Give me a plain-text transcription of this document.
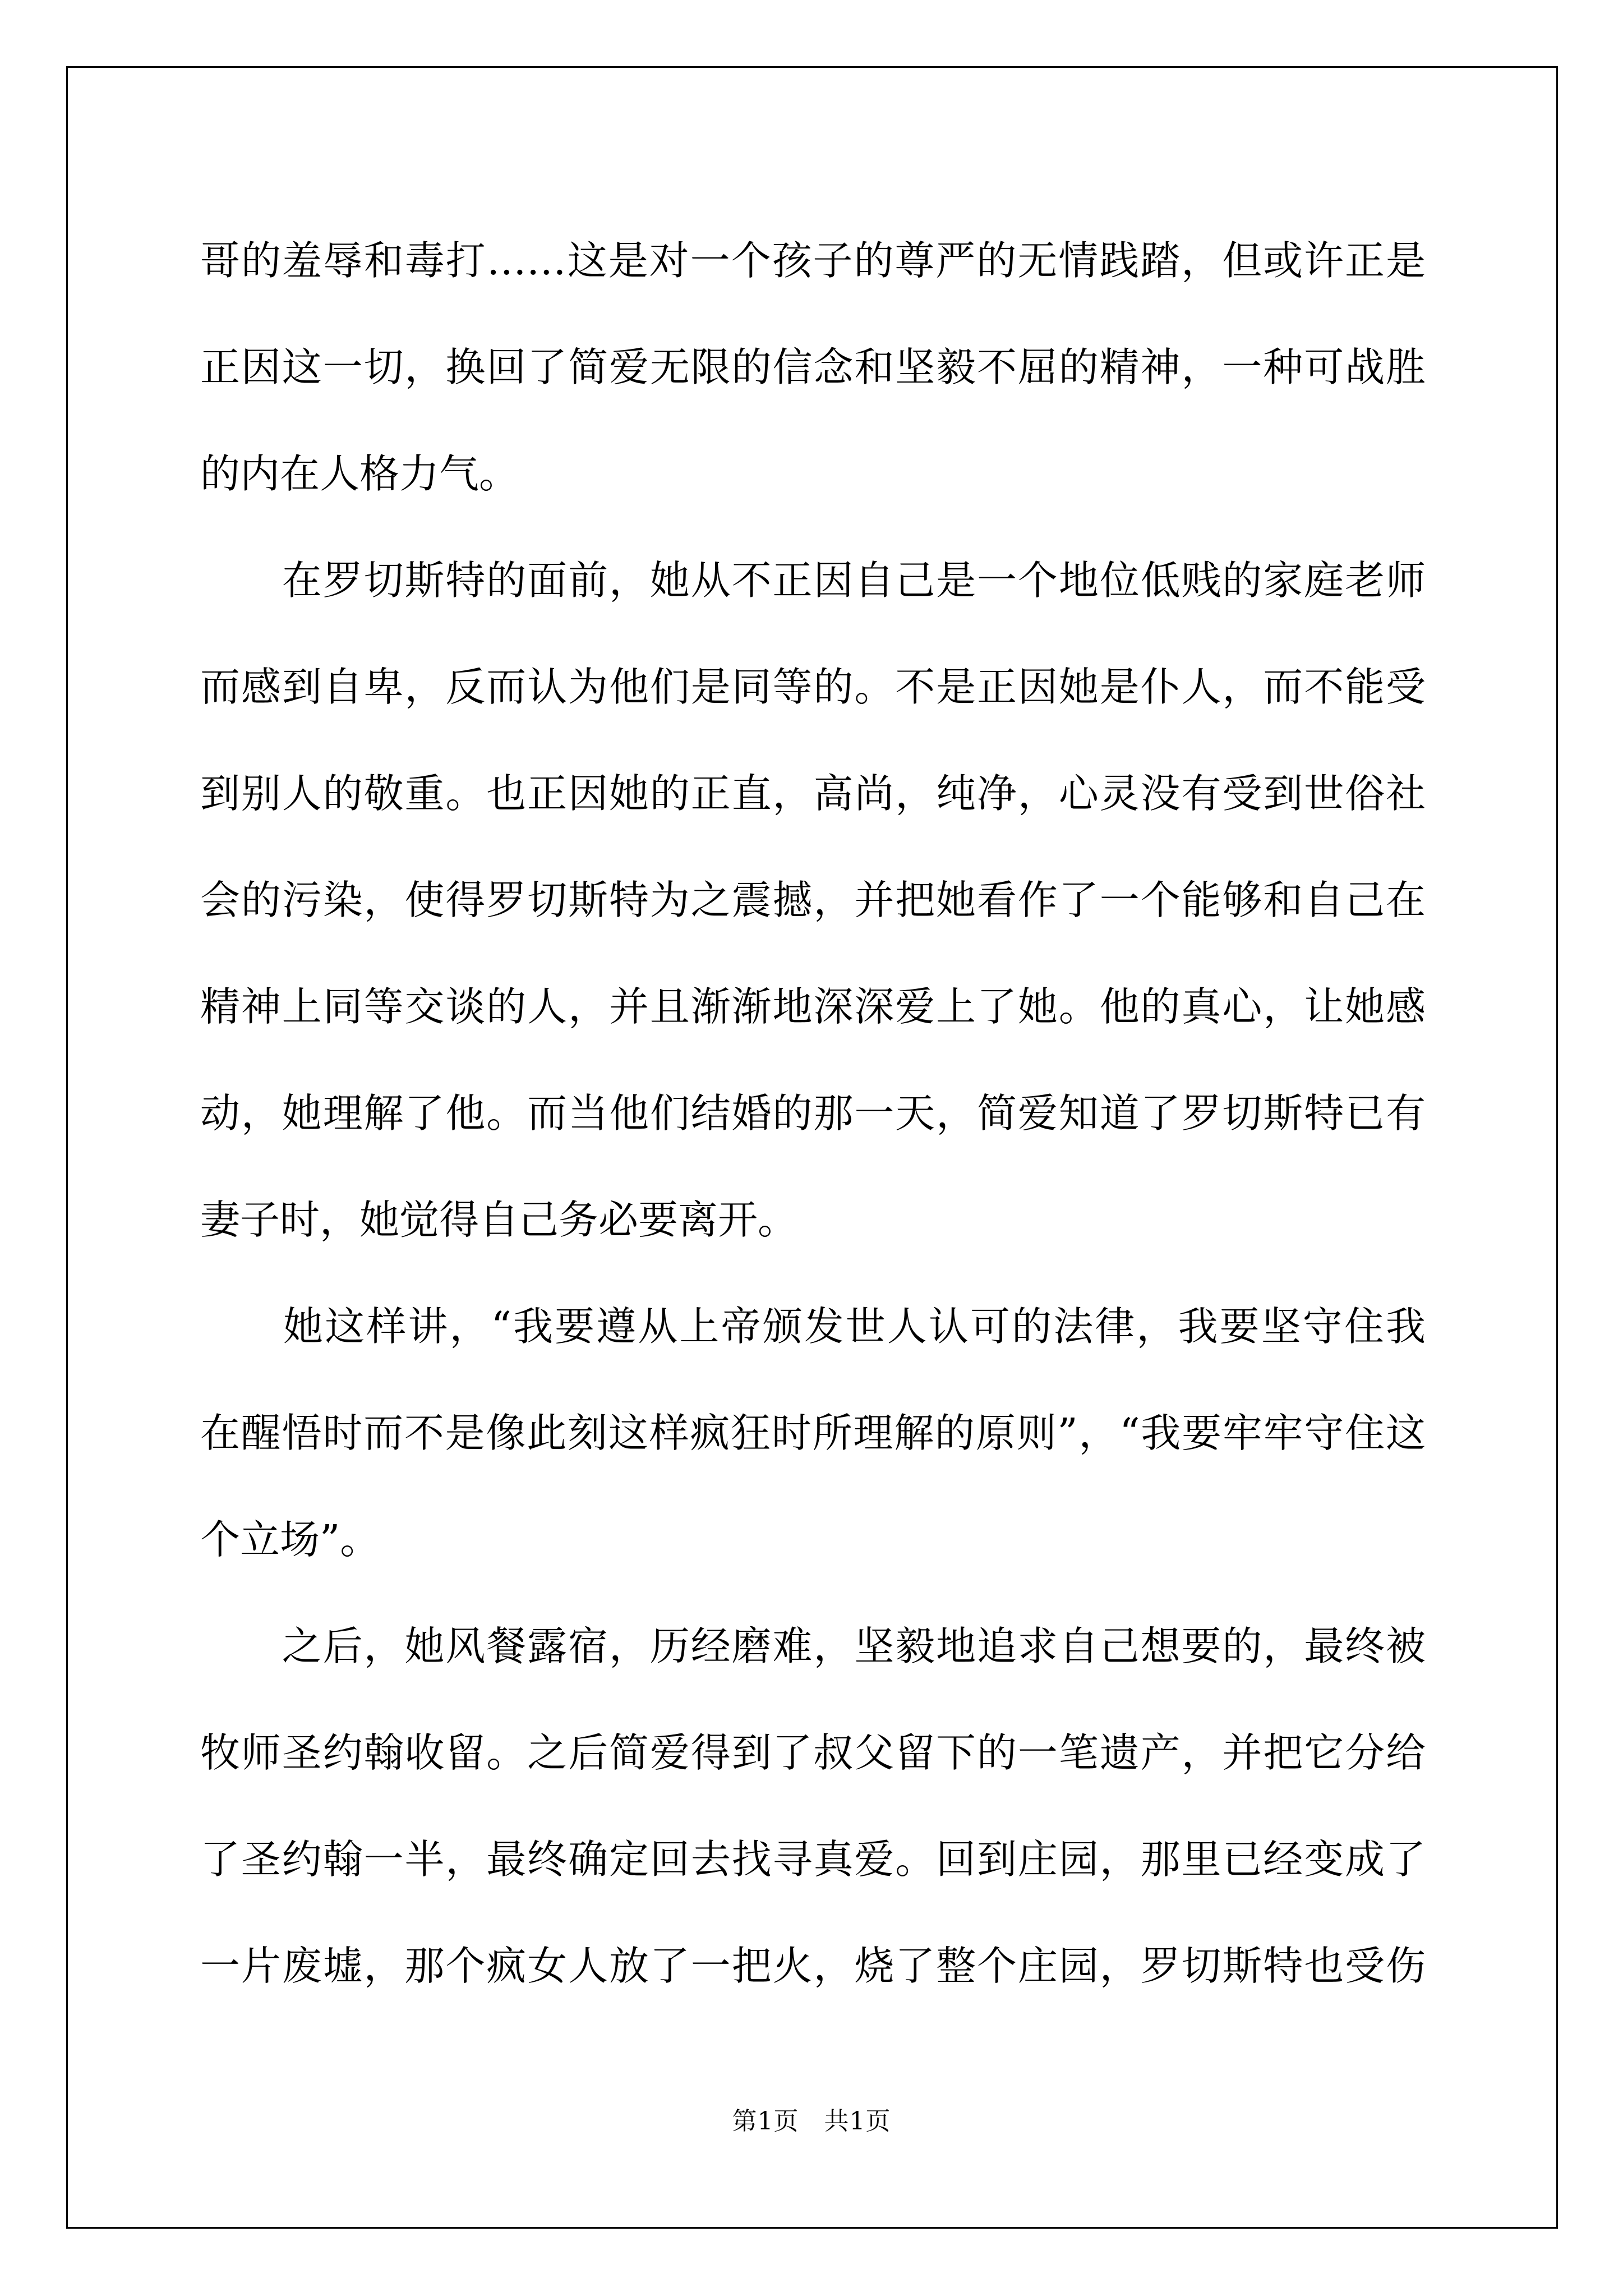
哥的羞辱和毒打……这是对一个孩子的尊严的无情践踏，但或许正是
正因这一切，换回了简爱无限的信念和坚毅不屈的精神，一种可战胜
的内在人格力气。
　　在罗切斯特的面前，她从不正因自己是一个地位低贱的家庭老师
而感到自卑，反而认为他们是同等的。不是正因她是仆人，而不能受
到别人的敬重。也正因她的正直，高尚，纯净，心灵没有受到世俗社
会的污染，使得罗切斯特为之震撼，并把她看作了一个能够和自己在
精神上同等交谈的人，并且渐渐地深深爱上了她。他的真心，让她感
动，她理解了他。而当他们结婚的那一天，简爱知道了罗切斯特已有
妻子时，她觉得自己务必要离开。
　　她这样讲，“我要遵从上帝颁发世人认可的法律，我要坚守住我
在醒悟时而不是像此刻这样疯狂时所理解的原则”，“我要牢牢守住这
个立场”。
　　之后，她风餐露宿，历经磨难，坚毅地追求自己想要的，最终被
牧师圣约翰收留。之后简爱得到了叔父留下的一笔遗产，并把它分给
了圣约翰一半，最终确定回去找寻真爱。回到庄园，那里已经变成了
一片废墟，那个疯女人放了一把火，烧了整个庄园，罗切斯特也受伤
第1页　共1页
